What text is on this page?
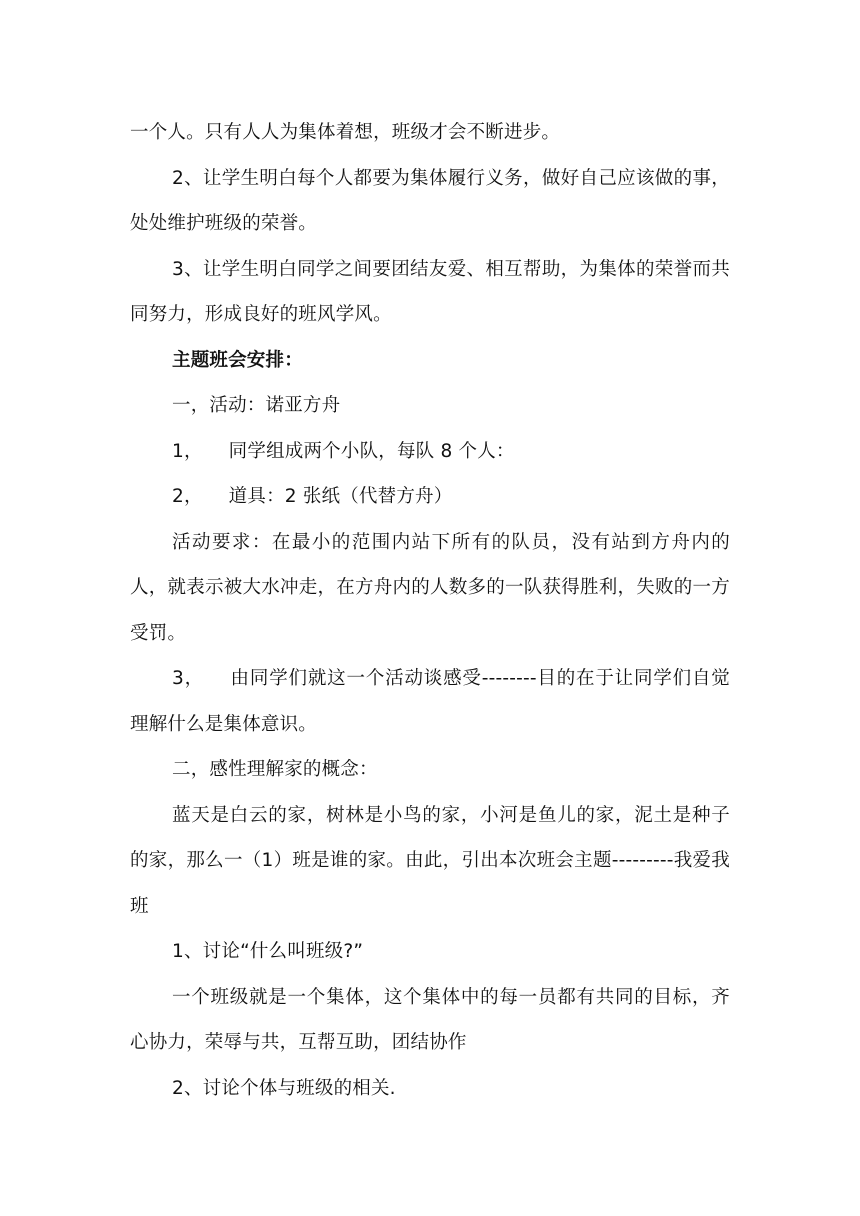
一个人。只有人人为集体着想，班级才会不断进步。

2、让学生明白每个人都要为集体履行义务，做好自己应该做的事，处处维护班级的荣誉。

3、让学生明白同学之间要团结友爱、相互帮助，为集体的荣誉而共同努力，形成良好的班风学风。

主题班会安排：

一，活动：诺亚方舟

1， 同学组成两个小队，每队 8 个人：

2， 道具：2 张纸（代替方舟）

活动要求：在最小的范围内站下所有的队员，没有站到方舟内的人，就表示被大水冲走，在方舟内的人数多的一队获得胜利，失败的一方受罚。

3， 由同学们就这一个活动谈感受--------目的在于让同学们自觉理解什么是集体意识。

二，感性理解家的概念：

蓝天是白云的家，树林是小鸟的家，小河是鱼儿的家，泥土是种子的家，那么一（1）班是谁的家。由此，引出本次班会主题---------我爱我班

1、讨论“什么叫班级?”

一个班级就是一个集体，这个集体中的每一员都有共同的目标，齐心协力，荣辱与共，互帮互助，团结协作

2、讨论个体与班级的相关.
